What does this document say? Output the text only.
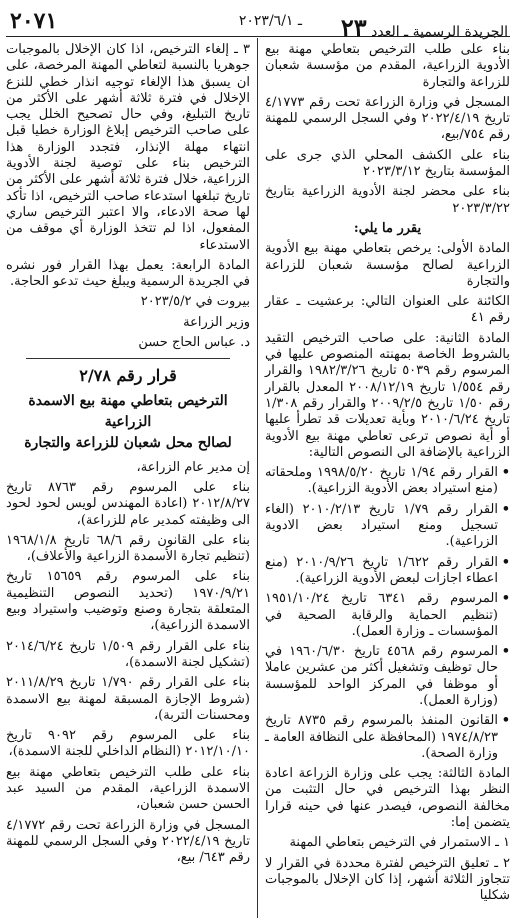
الجريدة الرسمية ـ العدد ٢٣
ـ ٢٠٢٣/٦/١
٢٠٧١

بناء على طلب الترخيص بتعاطي مهنة بيع الأدوية الزراعية، المقدم من مؤسسة شعبان للزراعة والتجارة

المسجل في وزارة الزراعة تحت رقم ٤/١٧٧٣ تاريخ ٢٠٢٢/٤/١٩ وفي السجل الرسمي للمهنة رقم ٧٥٤/بيع،

بناء على الكشف المحلي الذي جرى على المؤسسة بتاريخ ٢٠٢٣/٣/١٢

بناء على محضر لجنة الأدوية الزراعية بتاريخ ٢٠٢٣/٣/٢٢

يقرر ما يلي:

المادة الأولى: يرخص بتعاطي مهنة بيع الأدوية الزراعية لصالح مؤسسة شعبان للزراعة والتجارة

الكائنة على العنوان التالي: برعشيت ـ عقار رقم ٤١

المادة الثانية: على صاحب الترخيص التقيد بالشروط الخاصة بمهنته المنصوص عليها في المرسوم رقم ٥٠٣٩ تاريخ ١٩٨٢/٣/٢٦ والقرار رقم ١/٥٥٤ تاريخ ٢٠٠٨/١٢/١٩ المعدل بالقرار رقم ١/٥٠ تاريخ ٢٠٠٩/٢/٥ والقرار رقم ١/٣٠٨ تاريخ ٢٠١٠/٦/٢٤ وبأية تعديلات قد تطرأ عليها أو أية نصوص ترعى تعاطي مهنة بيع الأدوية الزراعية بالإضافة الى النصوص التالية:

• القرار رقم ١/٩٤ تاريخ ١٩٩٨/٥/٢٠ وملحقاته (منع استيراد بعض الأدوية الزراعية).
• القرار رقم ١/٧٩ تاريخ ٢٠١٠/٢/١٣ (الغاء تسجيل ومنع استيراد بعض الادوية الزراعية).
• القرار رقم ١/٦٢٢ تاريخ ٢٠١٠/٩/٢٦ (منع اعطاء اجازات لبعض الأدوية الزراعية).
• المرسوم رقم ٦٣٤١ تاريخ ١٩٥١/١٠/٢٤ (تنظيم الحماية والرقابة الصحية في المؤسسات ـ وزارة العمل).
• المرسوم رقم ٤٥٦٨ تاريخ ١٩٦٠/٦/٣٠ في حال توظيف وتشغيل أكثر من عشرين عاملا أو موظفا في المركز الواحد للمؤسسة (وزارة العمل).
• القانون المنفذ بالمرسوم رقم ٨٧٣٥ تاريخ ١٩٧٤/٨/٢٣ (المحافظة على النظافة العامة ـ وزارة الصحة).

المادة الثالثة: يجب على وزارة الزراعة اعادة النظر بهذا الترخيص في حال التثبت من مخالفة النصوص، فيصدر عنها في حينه قرارا يتضمن إما:

١ ـ الاستمرار في الترخيص بتعاطي المهنة

٢ ـ تعليق الترخيص لفترة محددة في القرار لا تتجاوز الثلاثة أشهر، إذا كان الإخلال بالموجبات شكليا

٣ ـ إلغاء الترخيص، اذا كان الإخلال بالموجبات جوهريا بالنسبة لتعاطي المهنة المرخصة، على ان يسبق هذا الإلغاء توجيه انذار خطي للنزع الإخلال في فترة ثلاثة أشهر على الأكثر من تاريخ التبليغ، وفي حال تصحيح الخلل يجب على صاحب الترخيص إبلاغ الوزارة خطيا قبل انتهاء مهلة الإنذار، فتجدد الوزارة هذا الترخيص بناء على توصية لجنة الأدوية الزراعية، خلال فترة ثلاثة أشهر على الأكثر من تاريخ تبلغها استدعاء صاحب الترخيص، اذا تأكد لها صحة الادعاء، والا اعتبر الترخيص ساري المفعول، اذا لم تتخذ الوزارة أي موقف من الاستدعاء

المادة الرابعة: يعمل بهذا القرار فور نشره في الجريدة الرسمية ويبلغ حيث تدعو الحاجة.

بيروت في ٢٠٢٣/٥/٢

وزير الزراعة

د. عباس الحاج حسن

قرار رقم ٢/٧٨
الترخيص بتعاطي مهنة بيع الاسمدة الزراعية
لصالح محل شعبان للزراعة والتجارة

إن مدير عام الزراعة،

بناء على المرسوم رقم ٨٧٦٣ تاريخ ٢٠١٢/٨/٢٧ (اعادة المهندس لويس لحود لحود الى وظيفته كمدير عام للزراعة)،

بناء على القانون رقم ٦٨/٦ تاريخ ١٩٦٨/١/٨ (تنظيم تجارة الأسمدة الزراعية والأعلاف)،

بناء على المرسوم رقم ١٥٦٥٩ تاريخ ١٩٧٠/٩/٢١ (تحديد النصوص التنظيمية المتعلقة بتجارة وصنع وتوضيب واستيراد وبيع الاسمدة الزراعية)،

بناء على القرار رقم ١/٥٠٩ تاريخ ٢٠١٤/٦/٢٤ (تشكيل لجنة الاسمدة)،

بناء على القرار رقم ١/٧٩٠ تاريخ ٢٠١١/٨/٢٩ (شروط الإجازة المسبقة لمهنة بيع الاسمدة ومحسنات التربة)،

بناء على المرسوم رقم ٩٠٩٢ تاريخ ٢٠١٢/١٠/١٠ (النظام الداخلي للجنة الاسمدة)،

بناء على طلب الترخيص بتعاطي مهنة بيع الاسمدة الزراعية، المقدم من السيد عبد الحسن حسن شعبان،

المسجل في وزارة الزراعة تحت رقم ٤/١٧٧٢ تاريخ ٢٠٢٢/٤/١٩ وفي السجل الرسمي للمهنة رقم ٦٤٣/ بيع،
